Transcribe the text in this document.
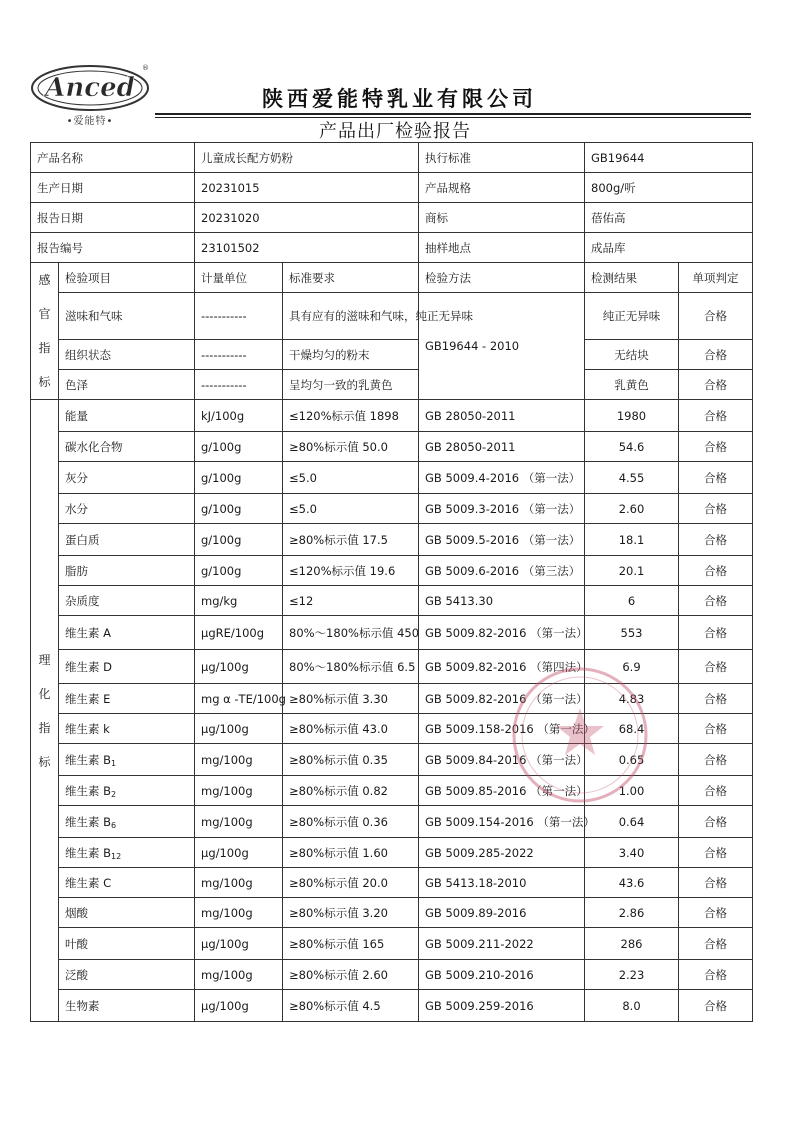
Anced
®
•爱能特•
陕西爱能特乳业有限公司
产品出厂检验报告
产品名称		儿童成长配方奶粉		执行标准	GB19644	
生产日期		20231015		产品规格	800g/听	
报告日期		20231020		商标	蓓佑高	
报告编号		23101502		抽样地点	成品库	

感
官
指
标	检验项目	计量单位	标准要求	检验方法	检测结果	单项判定
	滋味和气味	-----------	具有应有的滋味和气味，纯正无异味	GB19644 - 2010	纯正无异味	合格
	组织状态	-----------	干燥均匀的粉末		无结块	合格
	色泽	-----------	呈均匀一致的乳黄色		乳黄色	合格

理
化
指
标	能量	kJ/100g	≤120%标示值 1898	GB 28050-2011	1980	合格
	碳水化合物	g/100g	≥80%标示值 50.0	GB 28050-2011	54.6	合格
	灰分	g/100g	≤5.0	GB 5009.4-2016 （第一法）	4.55	合格
	水分	g/100g	≤5.0	GB 5009.3-2016 （第一法）	2.60	合格
	蛋白质	g/100g	≥80%标示值 17.5	GB 5009.5-2016 （第一法）	18.1	合格
	脂肪	g/100g	≤120%标示值 19.6	GB 5009.6-2016 （第三法）	20.1	合格
	杂质度	mg/kg	≤12	GB 5413.30	6	合格
	维生素 A	μgRE/100g	80%～180%标示值 450	GB 5009.82-2016 （第一法）	553	合格
	维生素 D	μg/100g	80%～180%标示值 6.5	GB 5009.82-2016 （第四法）	6.9	合格
	维生素 E	mg α -TE/100g	≥80%标示值 3.30	GB 5009.82-2016 （第一法）	4.83	合格
	维生素 k	μg/100g	≥80%标示值 43.0	GB 5009.158-2016 （第一法）	68.4	合格
	维生素 $B_1$	mg/100g	≥80%标示值 0.35	GB 5009.84-2016 （第一法）	0.65	合格
	维生素 $B_2$	mg/100g	≥80%标示值 0.82	GB 5009.85-2016 （第一法）	1.00	合格
	维生素 $B_6$	mg/100g	≥80%标示值 0.36	GB 5009.154-2016 （第一法）	0.64	合格
	维生素 $B_{12}$	μg/100g	≥80%标示值 1.60	GB 5009.285-2022	3.40	合格
	维生素 C	mg/100g	≥80%标示值 20.0	GB 5413.18-2010	43.6	合格
	烟酸	mg/100g	≥80%标示值 3.20	GB 5009.89-2016	2.86	合格
	叶酸	μg/100g	≥80%标示值 165	GB 5009.211-2022	286	合格
	泛酸	mg/100g	≥80%标示值 2.60	GB 5009.210-2016	2.23	合格
	生物素	μg/100g	≥80%标示值 4.5	GB 5009.259-2016	8.0	合格
